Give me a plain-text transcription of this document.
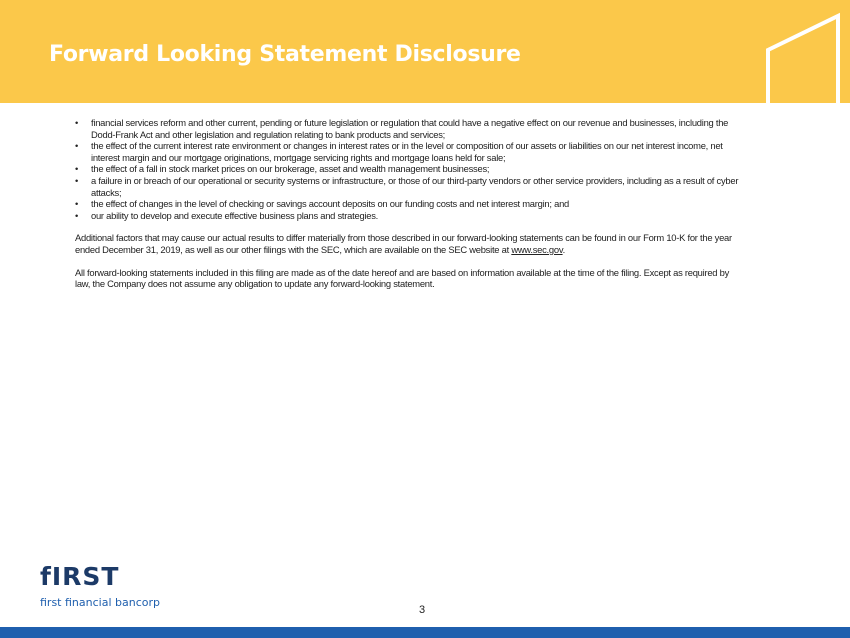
Forward Looking Statement Disclosure
• financial services reform and other current, pending or future legislation or regulation that could have a negative effect on our revenue and businesses, including the Dodd-Frank Act and other legislation and regulation relating to bank products and services;
• the effect of the current interest rate environment or changes in interest rates or in the level or composition of our assets or liabilities on our net interest income, net interest margin and our mortgage originations, mortgage servicing rights and mortgage loans held for sale;
• the effect of a fall in stock market prices on our brokerage, asset and wealth management businesses;
• a failure in or breach of our operational or security systems or infrastructure, or those of our third-party vendors or other service providers, including as a result of cyber attacks;
• the effect of changes in the level of checking or savings account deposits on our funding costs and net interest margin; and
• our ability to develop and execute effective business plans and strategies.

Additional factors that may cause our actual results to differ materially from those described in our forward-looking statements can be found in our Form 10-K for the year ended December 31, 2019, as well as our other filings with the SEC, which are available on the SEC website at www.sec.gov.

All forward-looking statements included in this filing are made as of the date hereof and are based on information available at the time of the filing. Except as required by law, the Company does not assume any obligation to update any forward-looking statement.

fIRST
first financial bancorp
3
